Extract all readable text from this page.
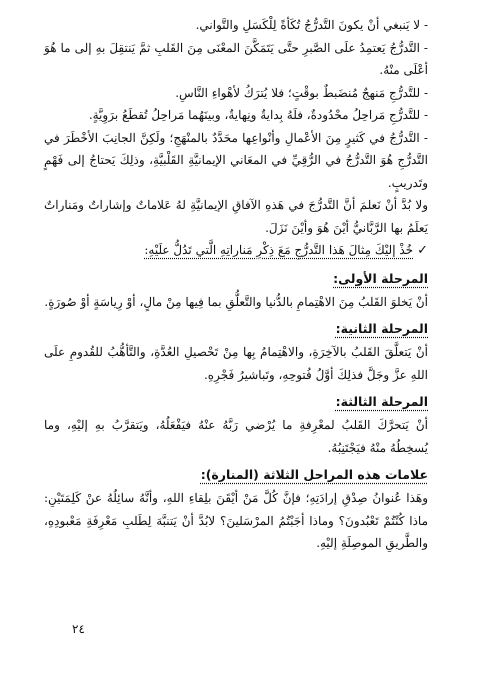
- لا يَنبغي أنْ يكونَ التَّدرُّجُ تُكَأةً لِلْكَسَلِ والتَّواني.

- التَّدرُّجُ يَعتمِدُ علَى الصَّبرِ حتَّى يَتَمَكَّنَ المعْنَى مِنَ القَلبِ ثمَّ يَنتقِلَ بهِ إلى ما هُوَ أعْلَى منْهُ.

- للتَّدرُّجِ مَنهجٌ مُنضَبطٌ بوقْتٍ؛ فلا يُترَكُ لأهْواءِ النَّاسِ.

- للتَّدرُّجِ مَراحِلُ محْدُودةٌ، فلَهُ بِدايةٌ ونِهايةٌ، وبينَهُما مَراحِلُ تُقطَعُ برَوِيَّةٍ.

- التَّدرُّجُ في كَثيرٍ مِنَ الأعْمالِ وأنْواعِها محَدَّدٌ بالمنْهَجِ؛ ولَكِنَّ الجانِبَ الأخْطَرَ في التَّدرُّجِ هُوَ التَّدرُّجُ في الرُّقِيِّ في المعَاني الإيمانيَّةِ القَلْبيَّةِ، وذلِكَ يَحتاجُ إلى فَهْمٍ وتَدريبٍ.

ولا بُدَّ أنْ نَعلمَ أنَّ التَّدرُّجَ في هَذهِ الآفاقِ الإيمانيَّةِ لهُ عَلاماتٌ وإشاراتٌ ومَناراتٌ يَعلَمُ بها الرَّبَّانيُّ أيْنَ هُوَ وأيْنَ نَزَلَ.

✓خُذْ إليْكَ مِثالَ هَذا التَّدرُّجِ مَعَ ذِكْرِ مَناراتِهِ الَّتي تَدُلُّ علَيْهِ:

المرحلة الأولى:

أنْ يَخلوَ القَلبُ مِنَ الاهْتِمامِ بالدُّنيا والتَّعلُّقِ بما فِيها مِنْ مالٍ، أوْ رِياسَةٍ أوْ صُورَةٍ.

المرحلة الثانية:

أنْ يَتعلَّقَ القَلبُ بالآخِرَةِ، والاهْتِمامُ بِها مِنْ تَحْصيلِ العُدَّةِ، والتَّأهُّبُ للقُدومِ علَى اللهِ عزَّ وجَلَّ فذلِكَ أوَّلُ فُتوحِهِ، وتَباشيرُ فَجْرِهِ.

المرحلة الثالثة:

أنْ يَتحرَّكَ القَلبُ لمعْرِفةِ ما يُرْضي رَبَّهُ عنْهُ فيَفْعَلُهُ، ويَتقرَّبُ بهِ إليْهِ، وما يُسخِطُهُ منْهُ فيَجْتَنِبُهُ.

علامات هذه المراحل الثلاثة (المنارة):

وهَذا عُنوانُ صِدْقِ إرادَتِهِ؛ فإنَّ كُلَّ مَنْ أيْقَنَ بلِقاءِ اللهِ، وأنَّهُ سائِلُهُ عنْ كَلِمَتَيْنِ: ماذا كُنْتُمْ تَعْبُدونَ؟ وماذا أجَبْتُمُ المرْسَلينَ؟ لابُدَّ أنْ يَتنبَّهَ لِطَلبِ مَعْرِفَةِ مَعْبودِهِ، والطَّريقِ الموصِلَةِ إليْهِ.

٢٤
